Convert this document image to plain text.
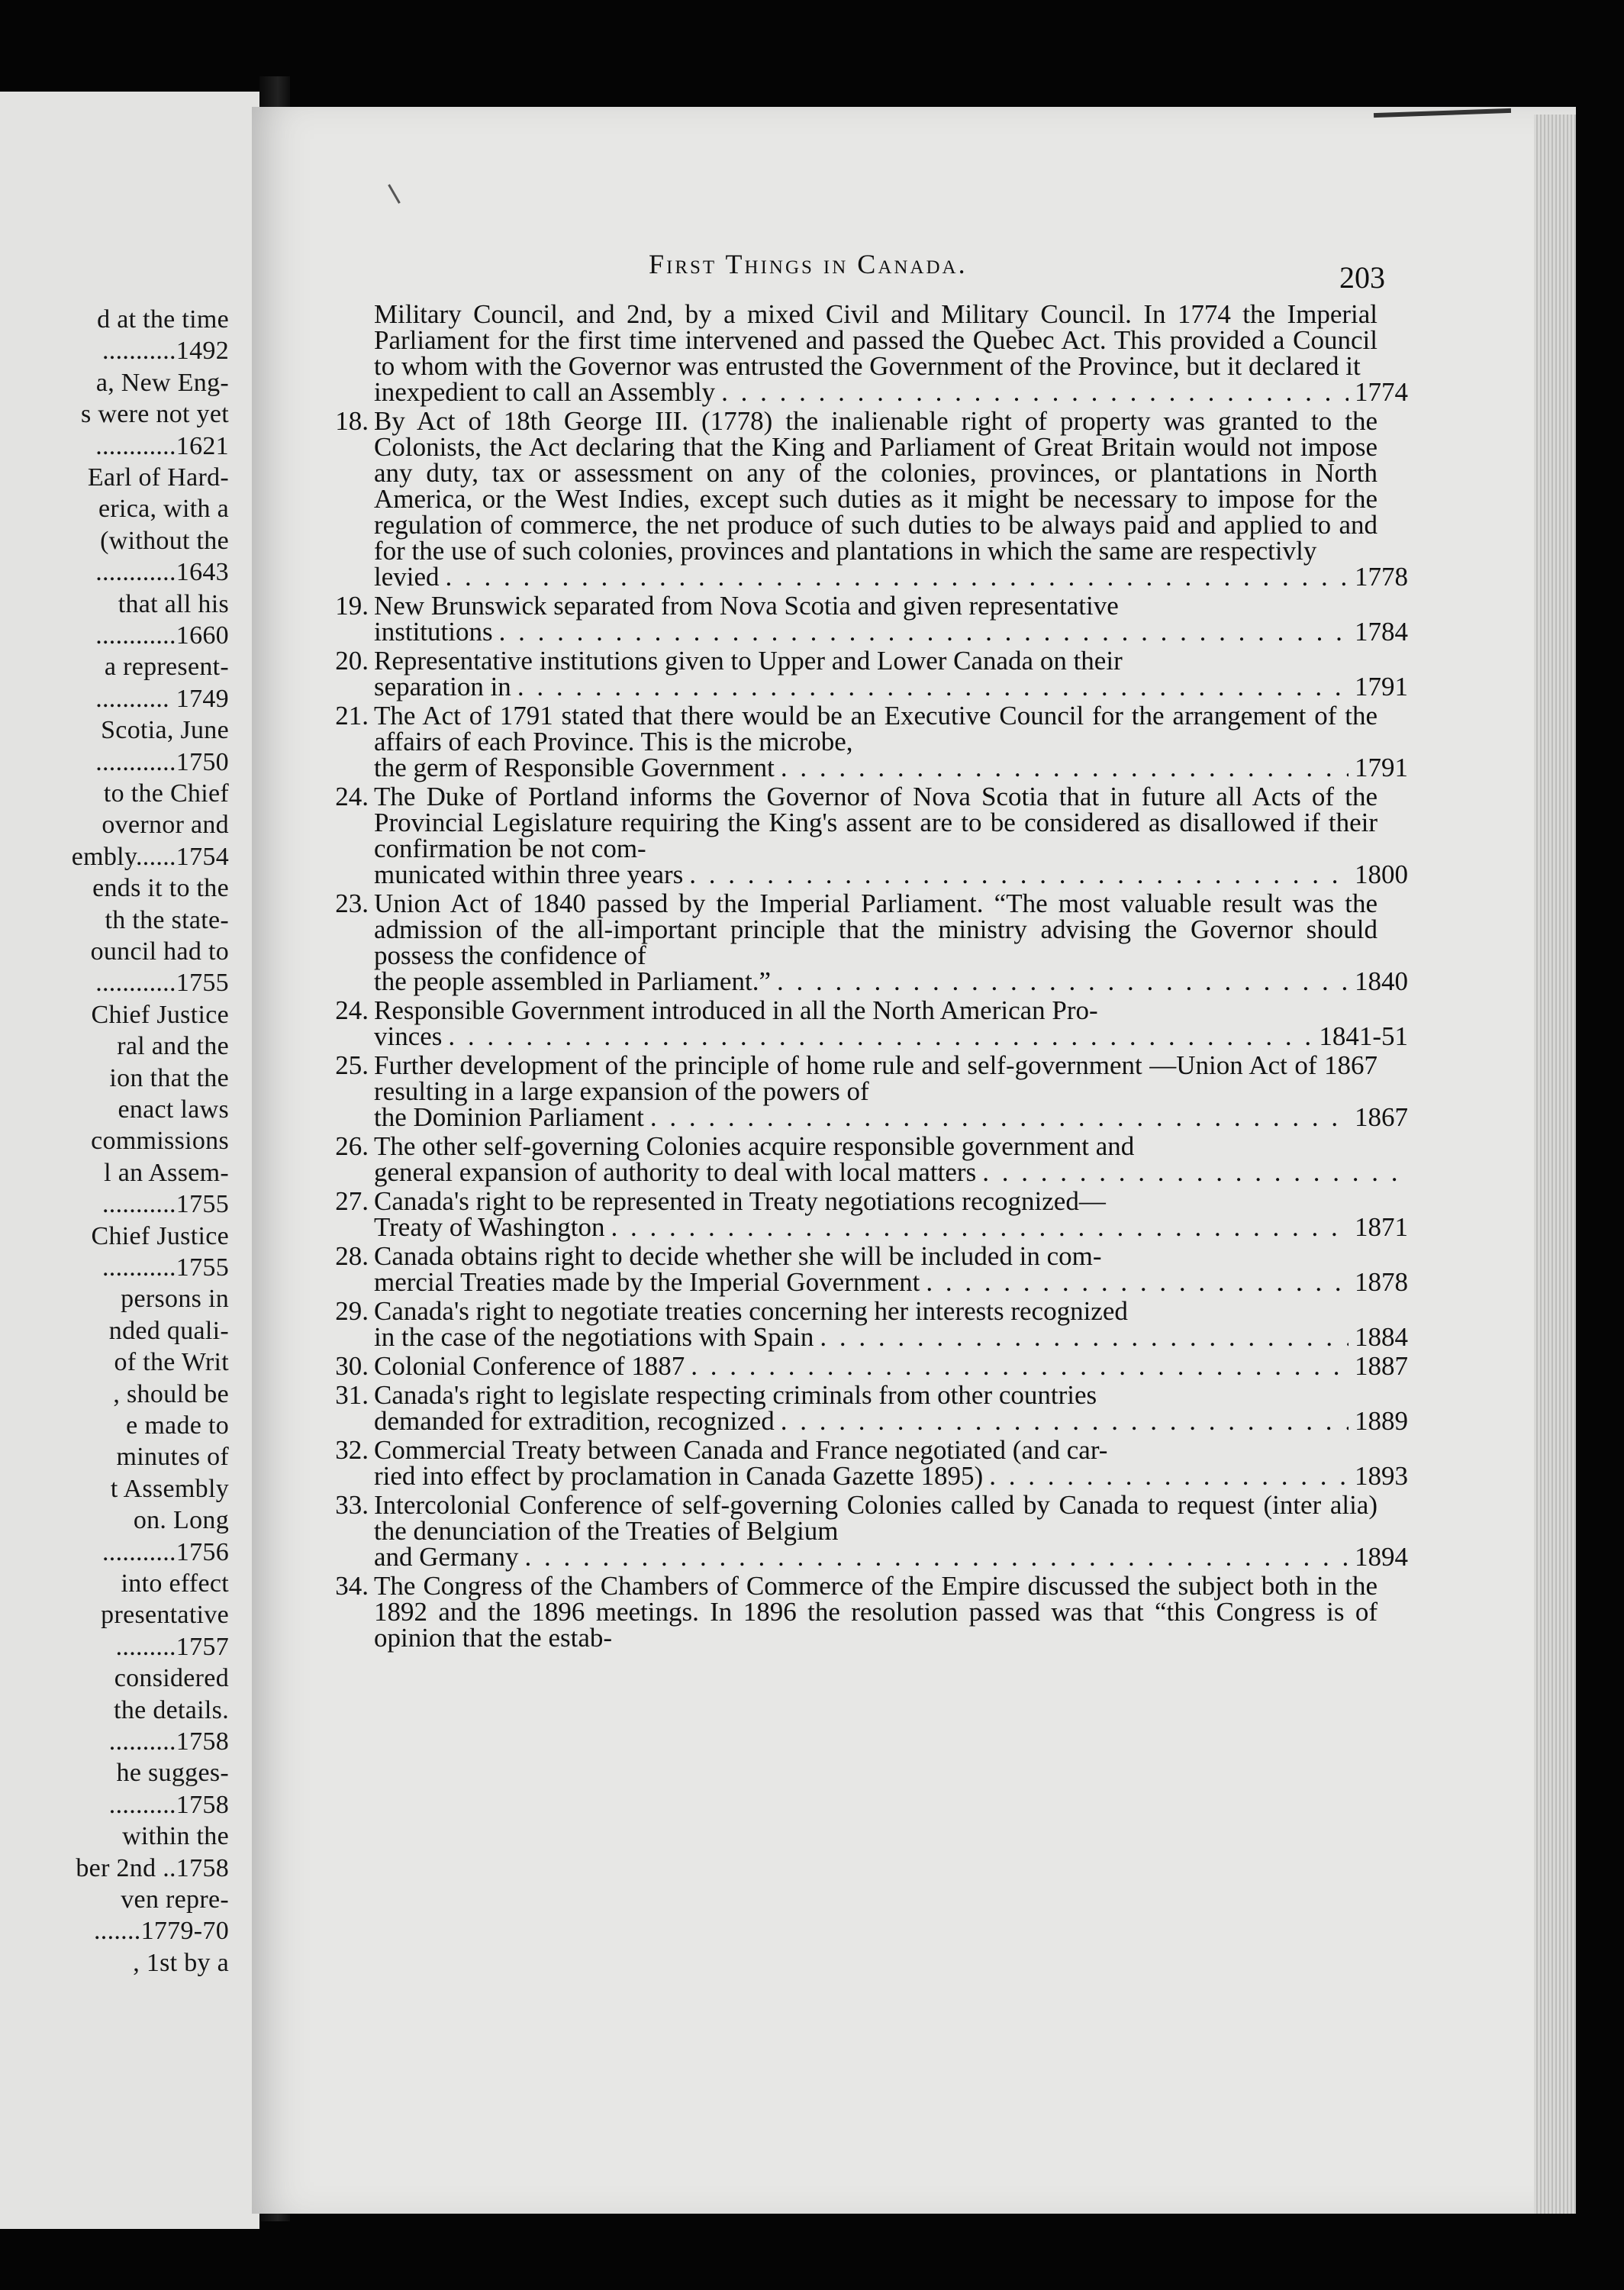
d at the time
...........1492
a, New Eng-
s were not yet
............1621
Earl of Hard-
erica, with a
(without the
............1643
that all his
............1660
a represent-
........... 1749
Scotia, June
............1750
to the Chief
overnor and
embly......1754
ends it to the
th the state-
ouncil had to
............1755
Chief Justice
ral and the
ion that the
enact laws
commissions
l an Assem-
...........1755
Chief Justice
...........1755
persons in
nded quali-
of the Writ
, should be
e made to
minutes of
t Assembly
on. Long
...........1756
into effect
presentative
.........1757
considered
the details.
..........1758
he sugges-
..........1758
within the
ber 2nd ..1758
ven repre-
.......1779-70
, 1st by a
First Things in Canada.	203
Military Council, and 2nd, by a mixed Civil and Military Council. In 1774 the Imperial Parliament for the first time intervened and passed the Quebec Act. This provided a Council to whom with the Governor was entrusted the Government of the Province, but it declared it
inexpedient to call an Assembly . . .	1774
18. By Act of 18th George III. (1778) the inalienable right of property was granted to the Colonists, the Act declaring that the King and Parliament of Great Britain would not impose any duty, tax or assessment on any of the colonies, provinces, or plantations in North America, or the West Indies, except such duties as it might be necessary to impose for the regulation of commerce, the net produce of such duties to be always paid and applied to and for the use of such colonies, provinces and plantations in which the same are respectivly
levied . . .	1778
19. New Brunswick separated from Nova Scotia and given representative
institutions . . .	1784
20. Representative institutions given to Upper and Lower Canada on their
separation in . . .	1791
21. The Act of 1791 stated that there would be an Executive Council for the arrangement of the affairs of each Province. This is the microbe,
the germ of Responsible Government . . .	1791
24. The Duke of Portland informs the Governor of Nova Scotia that in future all Acts of the Provincial Legislature requiring the King's assent are to be considered as disallowed if their confirmation be not com-
municated within three years . . .	1800
23. Union Act of 1840 passed by the Imperial Parliament. “The most valuable result was the admission of the all-important principle that the ministry advising the Governor should possess the confidence of
the people assembled in Parliament.” . . .	1840
24. Responsible Government introduced in all the North American Pro-
vinces . . .	1841-51
25. Further development of the principle of home rule and self-government —Union Act of 1867 resulting in a large expansion of the powers of
the Dominion Parliament . . .	1867
26. The other self-governing Colonies acquire responsible government and
general expansion of authority to deal with local matters
. . .
27. Canada's right to be represented in Treaty negotiations recognized—
Treaty of Washington . . .	1871
28. Canada obtains right to decide whether she will be included in com-
mercial Treaties made by the Imperial Government . . .	1878
29. Canada's right to negotiate treaties concerning her interests recognized
in the case of the negotiations with Spain . . .	1884
30. Colonial Conference of 1887 . . .	1887
31. Canada's right to legislate respecting criminals from other countries
demanded for extradition, recognized . . .	1889
32. Commercial Treaty between Canada and France negotiated (and car-
ried into effect by proclamation in Canada Gazette 1895) . . .	1893
33. Intercolonial Conference of self-governing Colonies called by Canada to request (inter alia) the denunciation of the Treaties of Belgium
and Germany . . .	1894
34. The Congress of the Chambers of Commerce of the Empire discussed the subject both in the 1892 and the 1896 meetings. In 1896 the resolution passed was that “this Congress is of opinion that the estab-
